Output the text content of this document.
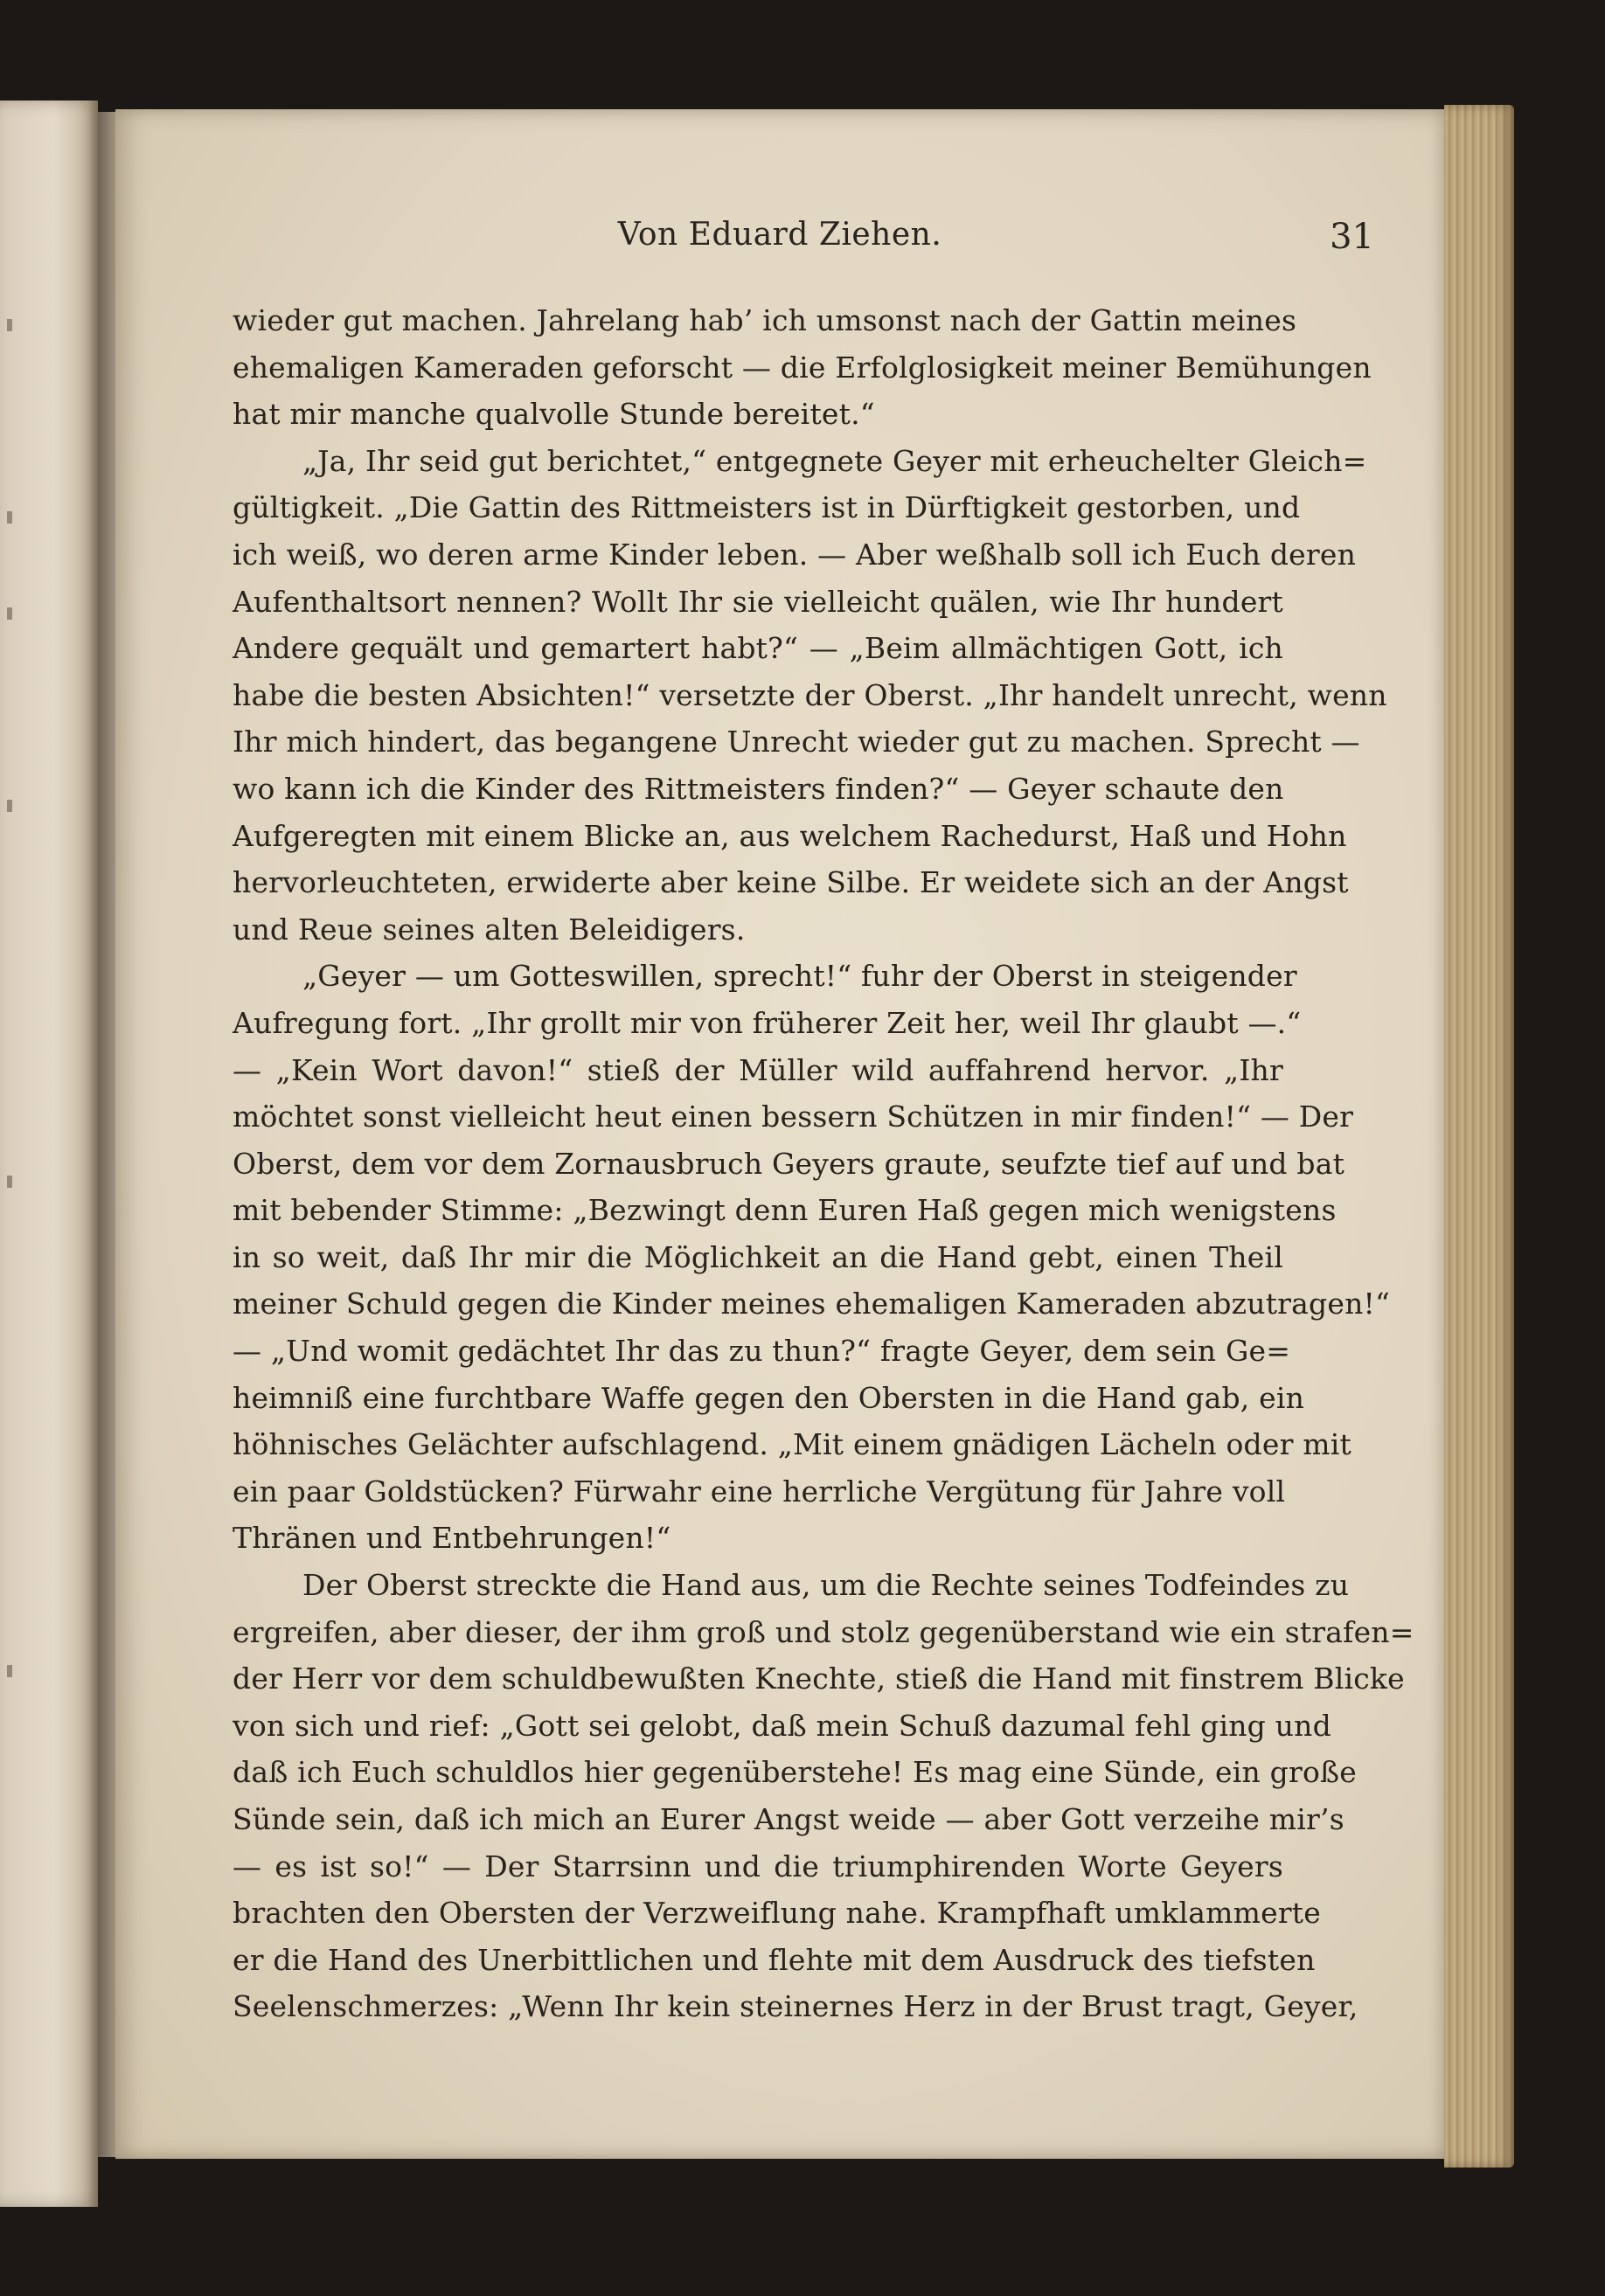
Von Eduard Ziehen.	31
wieder gut machen. Jahrelang hab’ ich umsonst nach der Gattin meines
ehemaligen Kameraden geforscht — die Erfolglosigkeit meiner Bemühungen
hat mir manche qualvolle Stunde bereitet.“
„Ja, Ihr seid gut berichtet,“ entgegnete Geyer mit erheuchelter Gleich=
gültigkeit. „Die Gattin des Rittmeisters ist in Dürftigkeit gestorben, und
ich weiß, wo deren arme Kinder leben. — Aber weßhalb soll ich Euch deren
Aufenthaltsort nennen? Wollt Ihr sie vielleicht quälen, wie Ihr hundert
Andere gequält und gemartert habt?“ — „Beim allmächtigen Gott, ich
habe die besten Absichten!“ versetzte der Oberst. „Ihr handelt unrecht, wenn
Ihr mich hindert, das begangene Unrecht wieder gut zu machen. Sprecht —
wo kann ich die Kinder des Rittmeisters finden?“ — Geyer schaute den
Aufgeregten mit einem Blicke an, aus welchem Rachedurst, Haß und Hohn
hervorleuchteten, erwiderte aber keine Silbe. Er weidete sich an der Angst
und Reue seines alten Beleidigers.
„Geyer — um Gotteswillen, sprecht!“ fuhr der Oberst in steigender
Aufregung fort. „Ihr grollt mir von früherer Zeit her, weil Ihr glaubt —.“
— „Kein Wort davon!“ stieß der Müller wild auffahrend hervor. „Ihr
möchtet sonst vielleicht heut einen bessern Schützen in mir finden!“ — Der
Oberst, dem vor dem Zornausbruch Geyers graute, seufzte tief auf und bat
mit bebender Stimme: „Bezwingt denn Euren Haß gegen mich wenigstens
in so weit, daß Ihr mir die Möglichkeit an die Hand gebt, einen Theil
meiner Schuld gegen die Kinder meines ehemaligen Kameraden abzutragen!“
— „Und womit gedächtet Ihr das zu thun?“ fragte Geyer, dem sein Ge=
heimniß eine furchtbare Waffe gegen den Obersten in die Hand gab, ein
höhnisches Gelächter aufschlagend. „Mit einem gnädigen Lächeln oder mit
ein paar Goldstücken? Fürwahr eine herrliche Vergütung für Jahre voll
Thränen und Entbehrungen!“
Der Oberst streckte die Hand aus, um die Rechte seines Todfeindes zu
ergreifen, aber dieser, der ihm groß und stolz gegenüberstand wie ein strafen=
der Herr vor dem schuldbewußten Knechte, stieß die Hand mit finstrem Blicke
von sich und rief: „Gott sei gelobt, daß mein Schuß dazumal fehl ging und
daß ich Euch schuldlos hier gegenüberstehe! Es mag eine Sünde, ein große
Sünde sein, daß ich mich an Eurer Angst weide — aber Gott verzeihe mir’s
— es ist so!“ — Der Starrsinn und die triumphirenden Worte Geyers
brachten den Obersten der Verzweiflung nahe. Krampfhaft umklammerte
er die Hand des Unerbittlichen und flehte mit dem Ausdruck des tiefsten
Seelenschmerzes: „Wenn Ihr kein steinernes Herz in der Brust tragt, Geyer,
